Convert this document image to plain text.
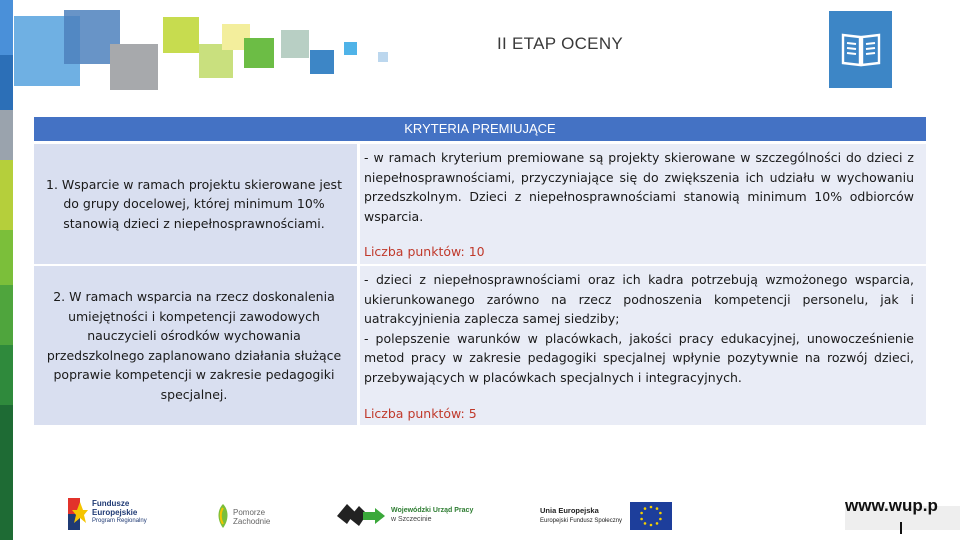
II ETAP OCENY
KRYTERIA PREMIUJĄCE
1. Wsparcie w ramach projektu skierowane jest do grupy docelowej, której minimum 10% stanowią dzieci z niepełnosprawnościami.
- w ramach kryterium premiowane są projekty skierowane w szczególności do dzieci z niepełnosprawnościami, przyczyniające się do zwiększenia ich udziału w wychowaniu przedszkolnym. Dzieci z niepełnosprawnościami stanowią minimum 10% odbiorców wsparcia.
Liczba punktów: 10
2. W ramach wsparcia na rzecz doskonalenia umiejętności i kompetencji zawodowych nauczycieli ośrodków wychowania przedszkolnego zaplanowano działania służące poprawie kompetencji w zakresie pedagogiki specjalnej.
- dzieci z niepełnosprawnościami oraz ich kadra potrzebują wzmożonego wsparcia, ukierunkowanego zarówno na rzecz podnoszenia kompetencji personelu, jak i uatrakcyjnienia zaplecza samej siedziby;
- polepszenie warunków w placówkach, jakości pracy edukacyjnej, unowocześnienie metod pracy w zakresie pedagogiki specjalnej wpłynie pozytywnie na rozwój dzieci, przebywających w placówkach specjalnych i integracyjnych.
Liczba punktów: 5
Fundusze
Europejskie
Program Regionalny
Pomorze
Zachodnie
Wojewódzki Urząd Pracy
w Szczecinie
Unia Europejska
Europejski Fundusz Społeczny
www.wup.p
